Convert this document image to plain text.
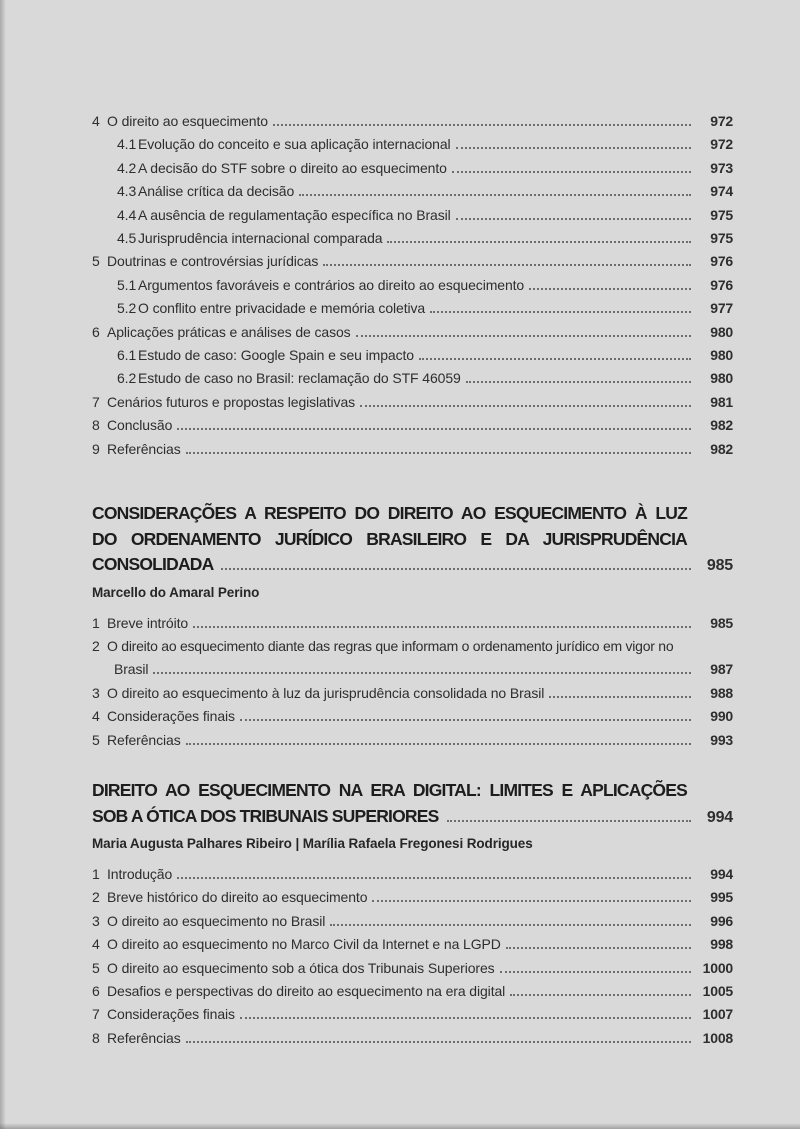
4 O direito ao esquecimento	972
4.1 Evolução do conceito e sua aplicação internacional	972
4.2 A decisão do STF sobre o direito ao esquecimento	973
4.3 Análise crítica da decisão	974
4.4 A ausência de regulamentação específica no Brasil	975
4.5 Jurisprudência internacional comparada	975
5 Doutrinas e controvérsias jurídicas	976
5.1 Argumentos favoráveis e contrários ao direito ao esquecimento	976
5.2 O conflito entre privacidade e memória coletiva	977
6 Aplicações práticas e análises de casos	980
6.1 Estudo de caso: Google Spain e seu impacto	980
6.2 Estudo de caso no Brasil: reclamação do STF 46059	980
7 Cenários futuros e propostas legislativas	981
8 Conclusão	982
9 Referências	982
CONSIDERAÇÕES A RESPEITO DO DIREITO AO ESQUECIMENTO À LUZ
DO ORDENAMENTO JURÍDICO BRASILEIRO E DA JURISPRUDÊNCIA
CONSOLIDADA	985
Marcello do Amaral Perino
1 Breve intróito	985
2 O direito ao esquecimento diante das regras que informam o ordenamento jurídico em vigor no
Brasil	987
3 O direito ao esquecimento à luz da jurisprudência consolidada no Brasil	988
4 Considerações finais	990
5 Referências	993
DIREITO AO ESQUECIMENTO NA ERA DIGITAL: LIMITES E APLICAÇÕES
SOB A ÓTICA DOS TRIBUNAIS SUPERIORES	994
Maria Augusta Palhares Ribeiro | Marília Rafaela Fregonesi Rodrigues
1 Introdução	994
2 Breve histórico do direito ao esquecimento	995
3 O direito ao esquecimento no Brasil	996
4 O direito ao esquecimento no Marco Civil da Internet e na LGPD	998
5 O direito ao esquecimento sob a ótica dos Tribunais Superiores	1000
6 Desafios e perspectivas do direito ao esquecimento na era digital	1005
7 Considerações finais	1007
8 Referências	1008
